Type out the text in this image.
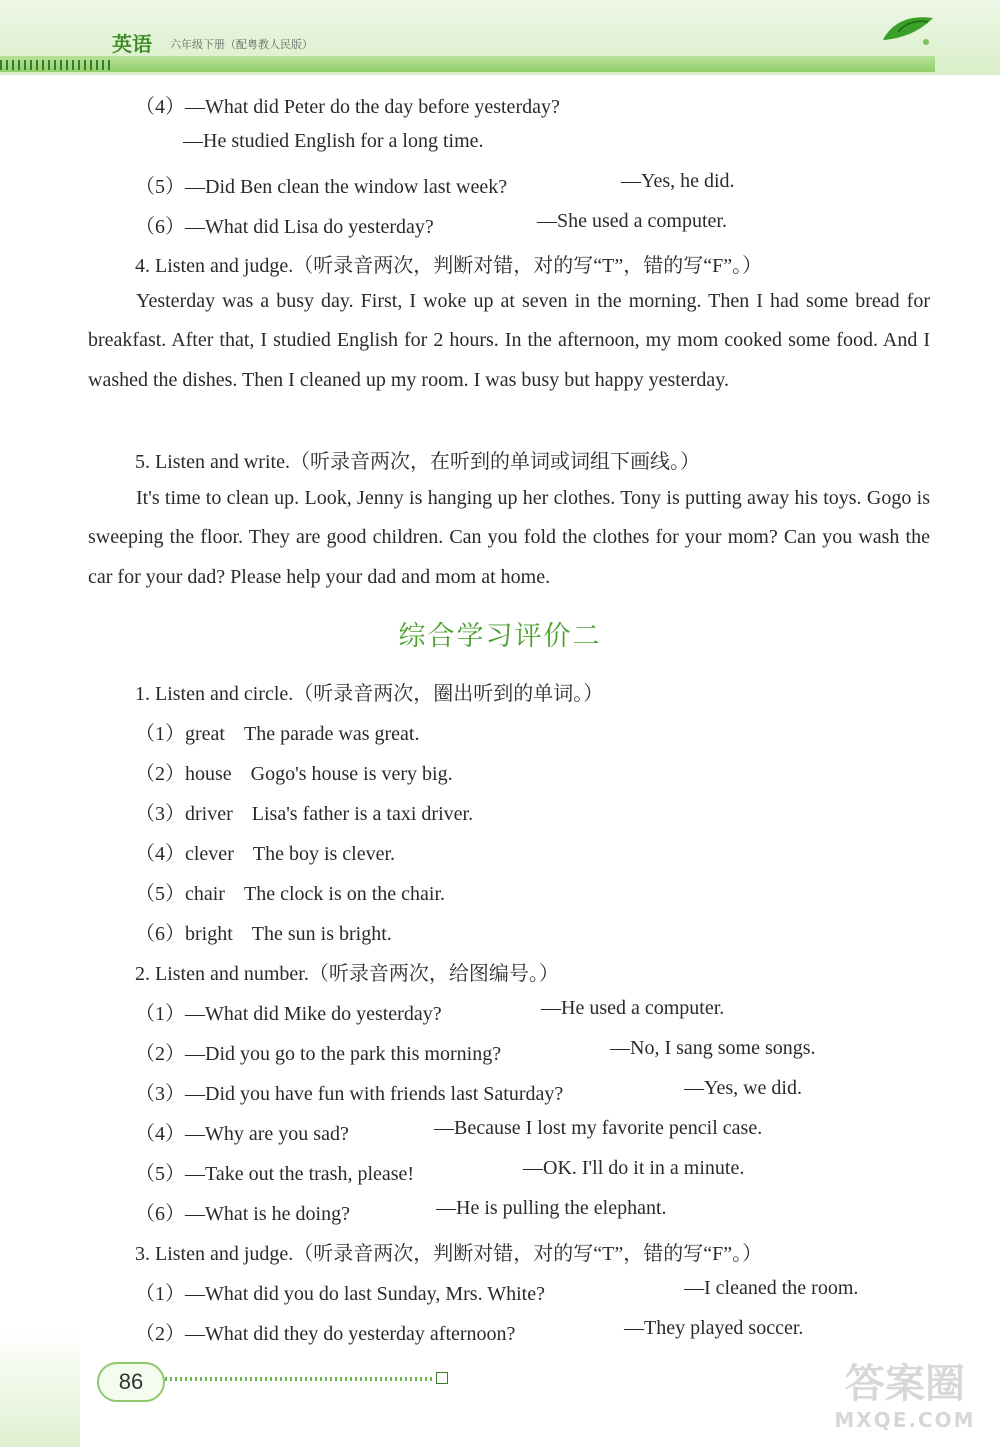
英语 六年级下册（配粤教人民版）
（4）—What did Peter do the day before yesterday?
—He studied English for a long time.
（5）—Did Ben clean the window last week?	—Yes, he did.
（6）—What did Lisa do yesterday?	—She used a computer.
4. Listen and judge.（听录音两次，判断对错，对的写“T”，错的写“F”。）
Yesterday was a busy day. First, I woke up at seven in the morning. Then I had some bread for breakfast. After that, I studied English for 2 hours. In the afternoon, my mom cooked some food. And I washed the dishes. Then I cleaned up my room. I was busy but happy yesterday.
5. Listen and write.（听录音两次，在听到的单词或词组下画线。）
It's time to clean up. Look, Jenny is hanging up her clothes. Tony is putting away his toys. Gogo is sweeping the floor. They are good children. Can you fold the clothes for your mom? Can you wash the car for your dad? Please help your dad and mom at home.
综合学习评价二
1. Listen and circle.（听录音两次，圈出听到的单词。）
（1）great The parade was great.
（2）house Gogo's house is very big.
（3）driver Lisa's father is a taxi driver.
（4）clever The boy is clever.
（5）chair The clock is on the chair.
（6）bright The sun is bright.
2. Listen and number.（听录音两次，给图编号。）
（1）—What did Mike do yesterday?	—He used a computer.
（2）—Did you go to the park this morning?	—No, I sang some songs.
（3）—Did you have fun with friends last Saturday?	—Yes, we did.
（4）—Why are you sad?	—Because I lost my favorite pencil case.
（5）—Take out the trash, please!	—OK. I'll do it in a minute.
（6）—What is he doing?	—He is pulling the elephant.
3. Listen and judge.（听录音两次，判断对错，对的写“T”，错的写“F”。）
（1）—What did you do last Sunday, Mrs. White?	—I cleaned the room.
（2）—What did they do yesterday afternoon?	—They played soccer.
86	答案圈
MXQE.COM
